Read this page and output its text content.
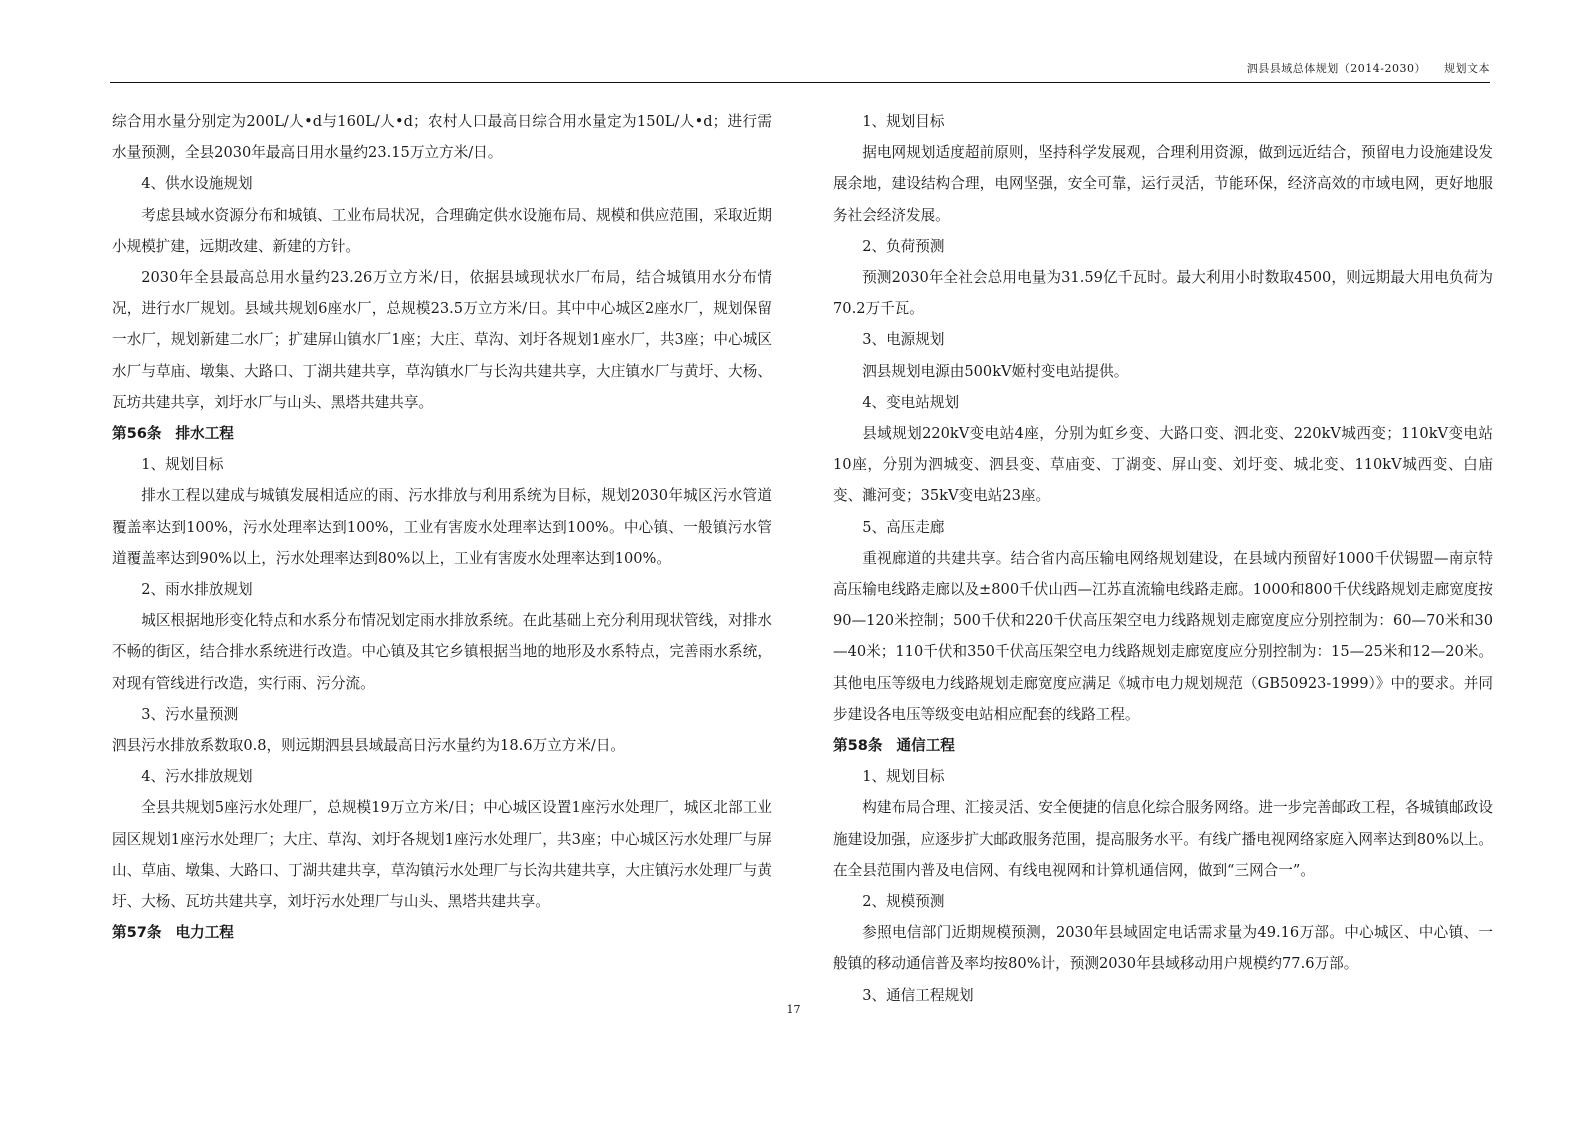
泗县县域总体规划（2014-2030） 规划文本

综合用水量分别定为200L/人•d与160L/人•d；农村人口最高日综合用水量定为150L/人•d；进行需水量预测，全县2030年最高日用水量约23.15万立方米/日。

4、供水设施规划

考虑县域水资源分布和城镇、工业布局状况，合理确定供水设施布局、规模和供应范围，采取近期小规模扩建，远期改建、新建的方针。

2030年全县最高总用水量约23.26万立方米/日，依据县域现状水厂布局，结合城镇用水分布情况，进行水厂规划。县域共规划6座水厂，总规模23.5万立方米/日。其中中心城区2座水厂，规划保留一水厂，规划新建二水厂；扩建屏山镇水厂1座；大庄、草沟、刘圩各规划1座水厂，共3座；中心城区水厂与草庙、墩集、大路口、丁湖共建共享，草沟镇水厂与长沟共建共享，大庄镇水厂与黄圩、大杨、瓦坊共建共享，刘圩水厂与山头、黑塔共建共享。

第56条 排水工程

1、规划目标

排水工程以建成与城镇发展相适应的雨、污水排放与利用系统为目标，规划2030年城区污水管道覆盖率达到100%，污水处理率达到100%，工业有害废水处理率达到100%。中心镇、一般镇污水管道覆盖率达到90%以上，污水处理率达到80%以上，工业有害废水处理率达到100%。

2、雨水排放规划

城区根据地形变化特点和水系分布情况划定雨水排放系统。在此基础上充分利用现状管线，对排水不畅的街区，结合排水系统进行改造。中心镇及其它乡镇根据当地的地形及水系特点，完善雨水系统，对现有管线进行改造，实行雨、污分流。

3、污水量预测

泗县污水排放系数取0.8，则远期泗县县域最高日污水量约为18.6万立方米/日。

4、污水排放规划

全县共规划5座污水处理厂，总规模19万立方米/日；中心城区设置1座污水处理厂，城区北部工业园区规划1座污水处理厂；大庄、草沟、刘圩各规划1座污水处理厂，共3座；中心城区污水处理厂与屏山、草庙、墩集、大路口、丁湖共建共享，草沟镇污水处理厂与长沟共建共享，大庄镇污水处理厂与黄圩、大杨、瓦坊共建共享，刘圩污水处理厂与山头、黑塔共建共享。

第57条 电力工程

1、规划目标

据电网规划适度超前原则，坚持科学发展观，合理利用资源，做到远近结合，预留电力设施建设发展余地，建设结构合理，电网坚强，安全可靠，运行灵活，节能环保，经济高效的市域电网，更好地服务社会经济发展。

2、负荷预测

预测2030年全社会总用电量为31.59亿千瓦时。最大利用小时数取4500，则远期最大用电负荷为70.2万千瓦。

3、电源规划

泗县规划电源由500kV姬村变电站提供。

4、变电站规划

县域规划220kV变电站4座，分别为虹乡变、大路口变、泗北变、220kV城西变；110kV变电站10座，分别为泗城变、泗县变、草庙变、丁湖变、屏山变、刘圩变、城北变、110kV城西变、白庙变、濉河变；35kV变电站23座。

5、高压走廊

重视廊道的共建共享。结合省内高压输电网络规划建设，在县域内预留好1000千伏锡盟—南京特高压输电线路走廊以及±800千伏山西—江苏直流输电线路走廊。1000和800千伏线路规划走廊宽度按90—120米控制；500千伏和220千伏高压架空电力线路规划走廊宽度应分别控制为：60—70米和30—40米；110千伏和350千伏高压架空电力线路规划走廊宽度应分别控制为：15—25米和12—20米。其他电压等级电力线路规划走廊宽度应满足《城市电力规划规范（GB50923-1999）》中的要求。并同步建设各电压等级变电站相应配套的线路工程。

第58条 通信工程

1、规划目标

构建布局合理、汇接灵活、安全便捷的信息化综合服务网络。进一步完善邮政工程，各城镇邮政设施建设加强，应逐步扩大邮政服务范围，提高服务水平。有线广播电视网络家庭入网率达到80%以上。在全县范围内普及电信网、有线电视网和计算机通信网，做到“三网合一”。

2、规模预测

参照电信部门近期规模预测，2030年县域固定电话需求量为49.16万部。中心城区、中心镇、一般镇的移动通信普及率均按80%计，预测2030年县域移动用户规模约77.6万部。

3、通信工程规划

17
